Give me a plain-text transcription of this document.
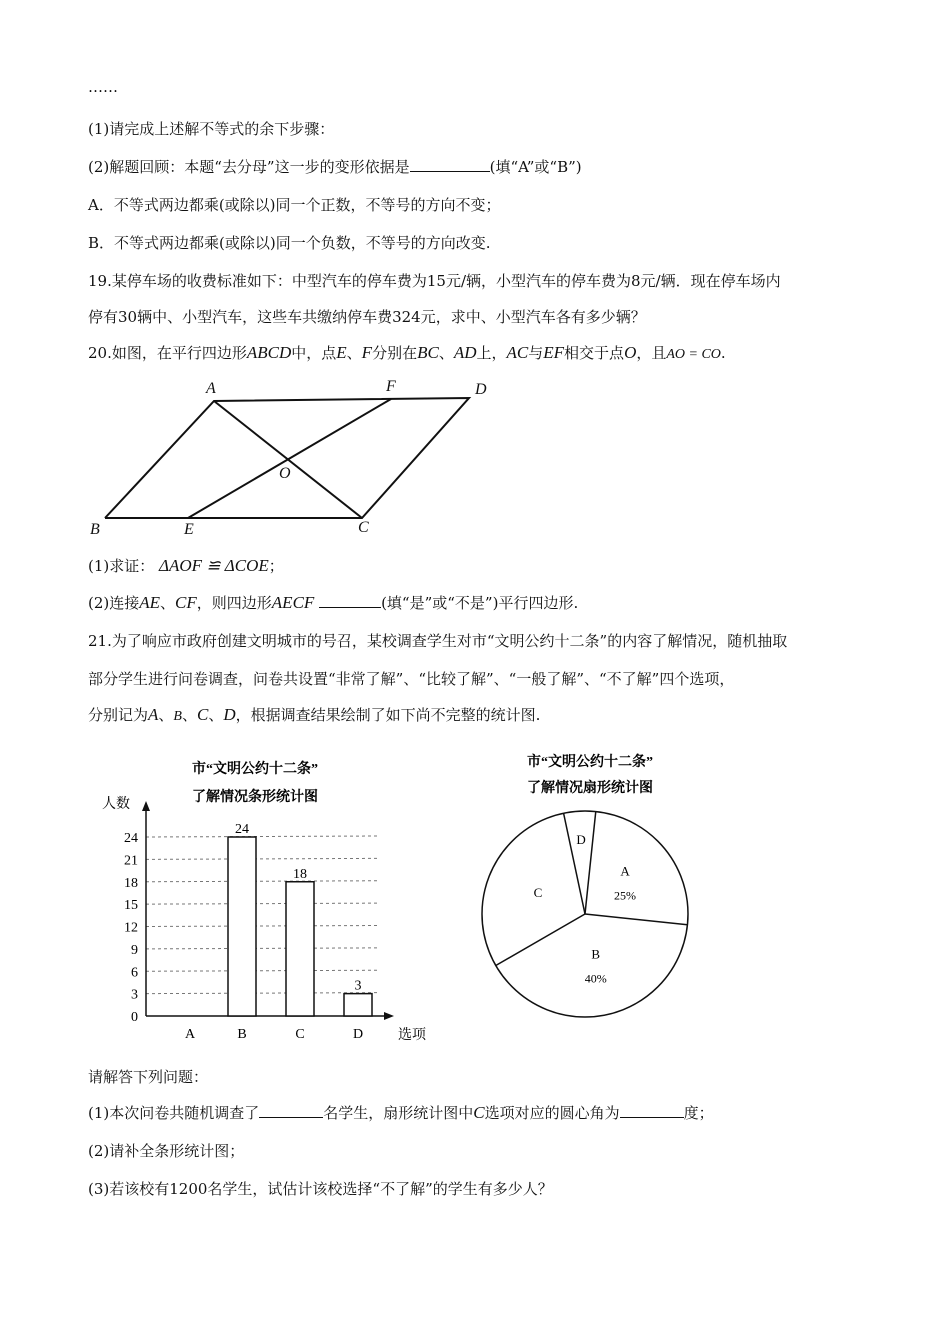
……
(1)请完成上述解不等式的余下步骤：
(2)解题回顾：本题“去分母”这一步的变形依据是	(填“A”或“B”)
A．不等式两边都乘(或除以)同一个正数，不等号的方向不变；
B．不等式两边都乘(或除以)同一个负数，不等号的方向改变.
19.某停车场的收费标准如下：中型汽车的停车费为15元/辆，小型汽车的停车费为8元/辆．现在停车场内
停有30辆中、小型汽车，这些车共缴纳停车费324元，求中、小型汽车各有多少辆？
20.如图，在平行四边形ABCD中，点E、F分别在BC、AD上，AC与EF相交于点O，且AO = CO.
A	F	D
O
B	E	C
(1)求证： ΔAOF ≌ ΔCOE；
(2)连接AE、CF，则四边形AECF	(填“是”或“不是”)平行四边形.
21.为了响应市政府创建文明城市的号召，某校调查学生对市“文明公约十二条”的内容了解情况，随机抽取
部分学生进行问卷调查，问卷共设置“非常了解”、“比较了解”、“一般了解”、“不了解”四个选项，
分别记为A、B、C、D，根据调查结果绘制了如下尚不完整的统计图.
市“文明公约十二条”
了解情况条形统计图
人数
选项
0
3
6
9
12
15
18
21
24
A	B
24
C
18
D
3
市“文明公约十二条”
了解情况扇形统计图
A
25%
B
40%
C
D
请解答下列问题：
(1)本次问卷共随机调查了	名学生，扇形统计图中C选项对应的圆心角为	度；
(2)请补全条形统计图；
(3)若该校有1200名学生，试估计该校选择“不了解”的学生有多少人？
